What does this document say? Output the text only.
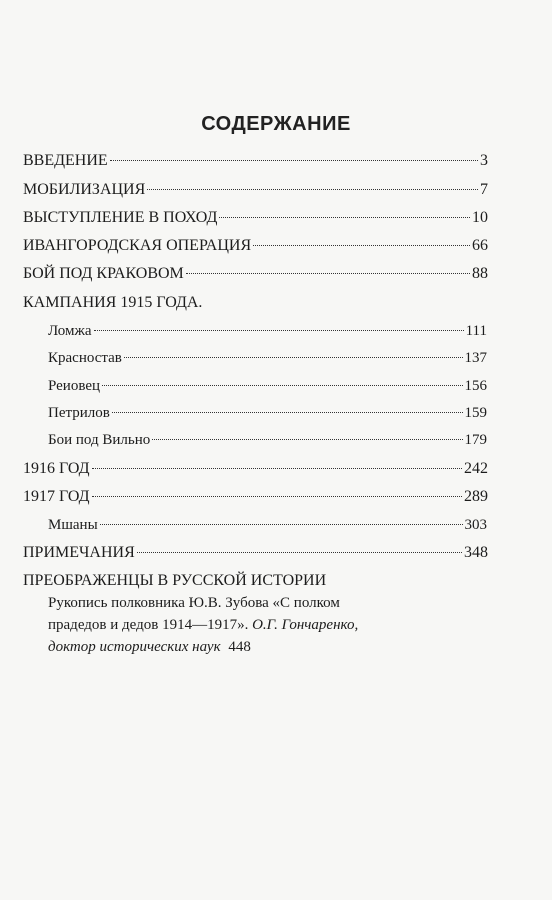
СОДЕРЖАНИЕ
ВВЕДЕНИЕ	3
МОБИЛИЗАЦИЯ	7
ВЫСТУПЛЕНИЕ В ПОХОД	10
ИВАНГОРОДСКАЯ ОПЕРАЦИЯ	66
БОЙ ПОД КРАКОВОМ	88
КАМПАНИЯ 1915 ГОДА.
Ломжа	111
Красностав	137
Реиовец	156
Петрилов	159
Бои под Вильно	179
1916 ГОД	242
1917 ГОД	289
Мшаны	303
ПРИМЕЧАНИЯ	348
ПРЕОБРАЖЕНЦЫ В РУССКОЙ ИСТОРИИ
Рукопись полковника Ю.В. Зубова «С полком
прадедов и дедов 1914—1917». О.Г. Гончаренко,
доктор исторических наук 448
